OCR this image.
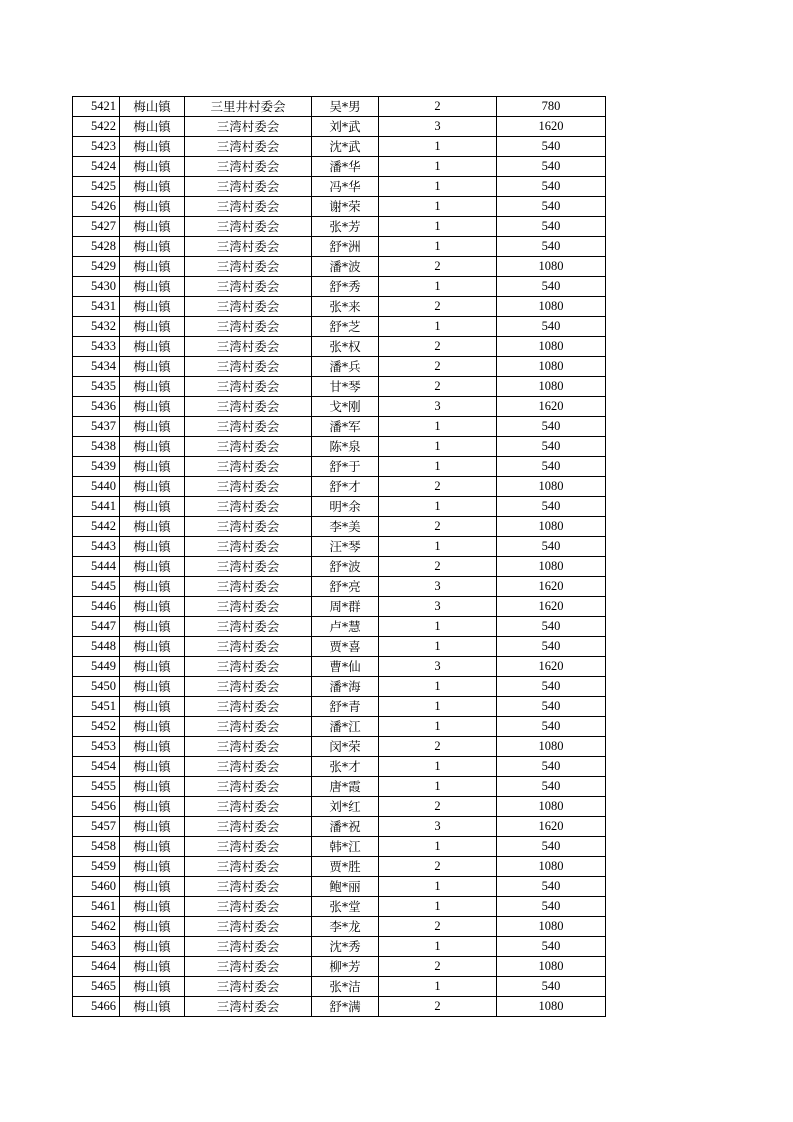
5421	梅山镇	三里井村委会	吴*男	2	780
5422	梅山镇	三湾村委会	刘*武	3	1620
5423	梅山镇	三湾村委会	沈*武	1	540
5424	梅山镇	三湾村委会	潘*华	1	540
5425	梅山镇	三湾村委会	冯*华	1	540
5426	梅山镇	三湾村委会	谢*荣	1	540
5427	梅山镇	三湾村委会	张*芳	1	540
5428	梅山镇	三湾村委会	舒*洲	1	540
5429	梅山镇	三湾村委会	潘*波	2	1080
5430	梅山镇	三湾村委会	舒*秀	1	540
5431	梅山镇	三湾村委会	张*来	2	1080
5432	梅山镇	三湾村委会	舒*芝	1	540
5433	梅山镇	三湾村委会	张*权	2	1080
5434	梅山镇	三湾村委会	潘*兵	2	1080
5435	梅山镇	三湾村委会	甘*琴	2	1080
5436	梅山镇	三湾村委会	戈*刚	3	1620
5437	梅山镇	三湾村委会	潘*军	1	540
5438	梅山镇	三湾村委会	陈*泉	1	540
5439	梅山镇	三湾村委会	舒*于	1	540
5440	梅山镇	三湾村委会	舒*才	2	1080
5441	梅山镇	三湾村委会	明*余	1	540
5442	梅山镇	三湾村委会	李*美	2	1080
5443	梅山镇	三湾村委会	汪*琴	1	540
5444	梅山镇	三湾村委会	舒*波	2	1080
5445	梅山镇	三湾村委会	舒*亮	3	1620
5446	梅山镇	三湾村委会	周*群	3	1620
5447	梅山镇	三湾村委会	卢*慧	1	540
5448	梅山镇	三湾村委会	贾*喜	1	540
5449	梅山镇	三湾村委会	曹*仙	3	1620
5450	梅山镇	三湾村委会	潘*海	1	540
5451	梅山镇	三湾村委会	舒*青	1	540
5452	梅山镇	三湾村委会	潘*江	1	540
5453	梅山镇	三湾村委会	闵*荣	2	1080
5454	梅山镇	三湾村委会	张*才	1	540
5455	梅山镇	三湾村委会	唐*霞	1	540
5456	梅山镇	三湾村委会	刘*红	2	1080
5457	梅山镇	三湾村委会	潘*祝	3	1620
5458	梅山镇	三湾村委会	韩*江	1	540
5459	梅山镇	三湾村委会	贾*胜	2	1080
5460	梅山镇	三湾村委会	鲍*丽	1	540
5461	梅山镇	三湾村委会	张*堂	1	540
5462	梅山镇	三湾村委会	李*龙	2	1080
5463	梅山镇	三湾村委会	沈*秀	1	540
5464	梅山镇	三湾村委会	柳*芳	2	1080
5465	梅山镇	三湾村委会	张*洁	1	540
5466	梅山镇	三湾村委会	舒*满	2	1080
